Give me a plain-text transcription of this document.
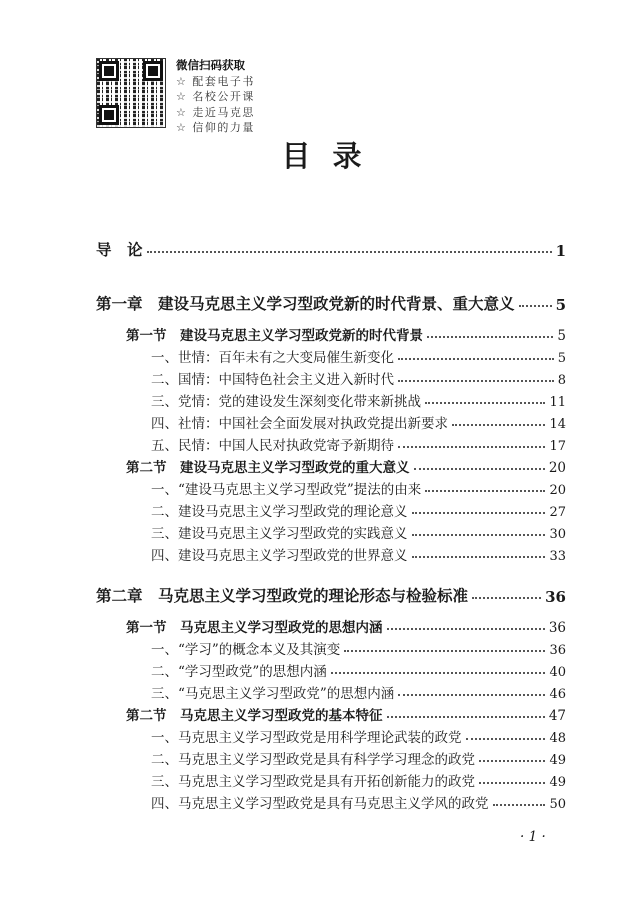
微信扫码获取
☆ 配套电子书
☆ 名校公开课
☆ 走近马克思
☆ 信仰的力量
目录
导　论	1
第一章　建设马克思主义学习型政党新的时代背景、重大意义	5
第一节　建设马克思主义学习型政党新的时代背景	5
一、世情：百年未有之大变局催生新变化	5
二、国情：中国特色社会主义进入新时代	8
三、党情：党的建设发生深刻变化带来新挑战	11
四、社情：中国社会全面发展对执政党提出新要求	14
五、民情：中国人民对执政党寄予新期待	17
第二节　建设马克思主义学习型政党的重大意义	20
一、“建设马克思主义学习型政党”提法的由来	20
二、建设马克思主义学习型政党的理论意义	27
三、建设马克思主义学习型政党的实践意义	30
四、建设马克思主义学习型政党的世界意义	33
第二章　马克思主义学习型政党的理论形态与检验标准	36
第一节　马克思主义学习型政党的思想内涵	36
一、“学习”的概念本义及其演变	36
二、“学习型政党”的思想内涵	40
三、“马克思主义学习型政党”的思想内涵	46
第二节　马克思主义学习型政党的基本特征	47
一、马克思主义学习型政党是用科学理论武装的政党	48
二、马克思主义学习型政党是具有科学学习理念的政党	49
三、马克思主义学习型政党是具有开拓创新能力的政党	49
四、马克思主义学习型政党是具有马克思主义学风的政党	50
· 1 ·
